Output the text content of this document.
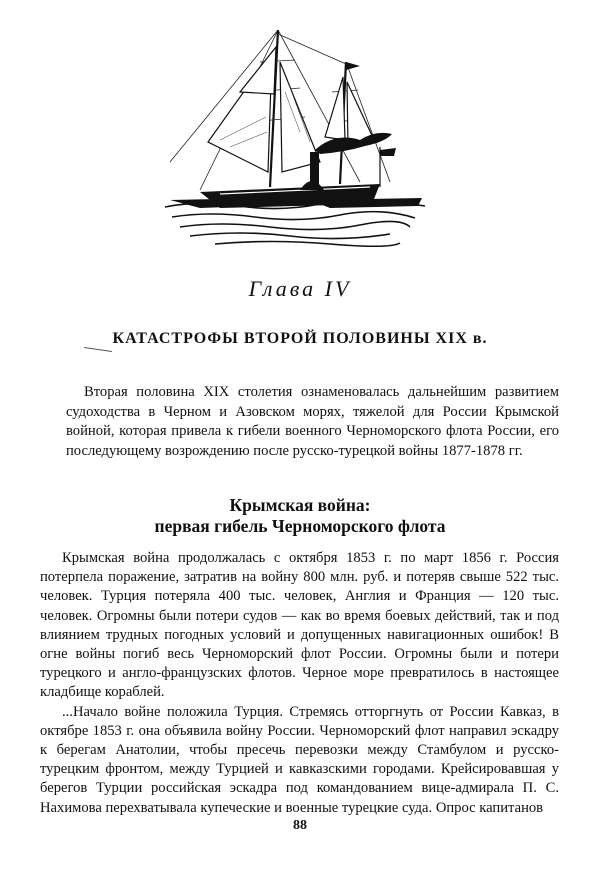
Глава IV
КАТАСТРОФЫ ВТОРОЙ ПОЛОВИНЫ XIX в.

Вторая половина XIX столетия ознаменовалась дальнейшим развитием судоходства в Черном и Азовском морях, тяжелой для России Крымской войной, которая привела к гибели военного Черноморского флота России, его последующему возрождению после русско-турецкой войны 1877-1878 гг.

Крымская война:
первая гибель Черноморского флота

Крымская война продолжалась с октября 1853 г. по март 1856 г. Россия потерпела поражение, затратив на войну 800 млн. руб. и потеряв свыше 522 тыс. человек. Турция потеряла 400 тыс. человек, Англия и Франция — 120 тыс. человек. Огромны были потери судов — как во время боевых действий, так и под влиянием трудных погодных условий и допущенных навигационных ошибок! В огне войны погиб весь Черноморский флот России. Огромны были и потери турецкого и англо-французских флотов. Черное море превратилось в настоящее кладбище кораблей.

...Начало войне положила Турция. Стремясь отторгнуть от России Кавказ, в октябре 1853 г. она объявила войну России. Черноморский флот направил эскадру к берегам Анатолии, чтобы пресечь перевозки между Стамбулом и русско-турецким фронтом, между Турцией и кавказскими городами. Крейсировавшая у берегов Турции российская эскадра под командованием вице-адмирала П. С. Нахимова перехватывала купеческие и военные турецкие суда. Опрос капитанов

88
